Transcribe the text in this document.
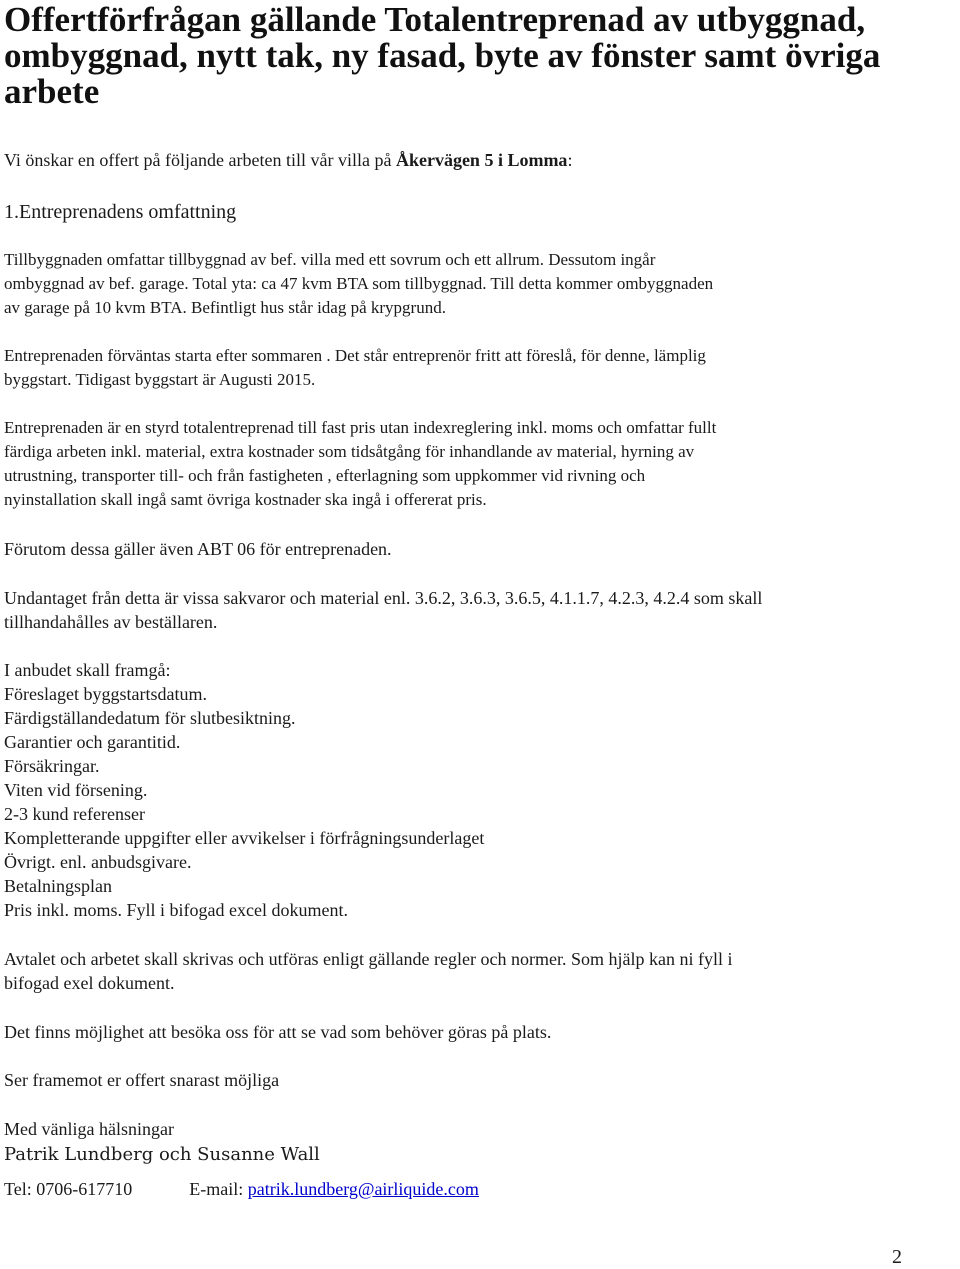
Offertförfrågan gällande Totalentreprenad av utbyggnad, ombyggnad, nytt tak, ny fasad, byte av fönster samt övriga arbete
Vi önskar en offert på följande arbeten till vår villa på Åkervägen 5 i Lomma:
1.Entreprenadens omfattning
Tillbyggnaden omfattar tillbyggnad av bef. villa med ett sovrum och ett allrum. Dessutom ingår
ombyggnad av bef. garage. Total yta: ca 47 kvm BTA som tillbyggnad. Till detta kommer ombyggnaden
av garage på 10 kvm BTA. Befintligt hus står idag på krypgrund.
Entreprenaden förväntas starta efter sommaren . Det står entreprenör fritt att föreslå, för denne, lämplig
byggstart. Tidigast byggstart är Augusti 2015.
Entreprenaden är en styrd totalentreprenad till fast pris utan indexreglering inkl. moms och omfattar fullt
färdiga arbeten inkl. material, extra kostnader som tidsåtgång för inhandlande av material, hyrning av
utrustning, transporter till- och från fastigheten , efterlagning som uppkommer vid rivning och
nyinstallation skall ingå samt övriga kostnader ska ingå i offererat pris.
Förutom dessa gäller även ABT 06 för entreprenaden.
Undantaget från detta är vissa sakvaror och material enl. 3.6.2, 3.6.3, 3.6.5, 4.1.1.7, 4.2.3, 4.2.4 som skall
tillhandahålles av beställaren.
I anbudet skall framgå:
Föreslaget byggstartsdatum.
Färdigställandedatum för slutbesiktning.
Garantier och garantitid.
Försäkringar.
Viten vid försening.
2-3 kund referenser
Kompletterande uppgifter eller avvikelser i förfrågningsunderlaget
Övrigt. enl. anbudsgivare.
Betalningsplan
Pris inkl. moms. Fyll i bifogad excel dokument.
Avtalet och arbetet skall skrivas och utföras enligt gällande regler och normer. Som hjälp kan ni fyll i
bifogad exel dokument.
Det finns möjlighet att besöka oss för att se vad som behöver göras på plats.
Ser framemot er offert snarast möjliga
Med vänliga hälsningar
Patrik Lundberg och Susanne Wall
Tel: 0706-617710	E-mail: patrik.lundberg@airliquide.com
2
